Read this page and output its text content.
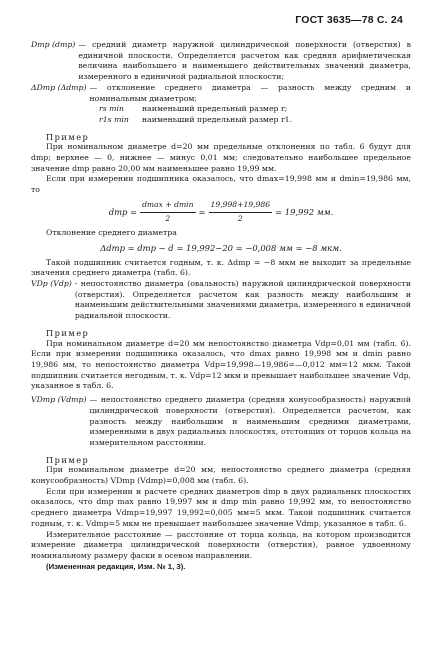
ГОСТ 3635—78 С. 24
Dmp (dmp) — средний диаметр наружной цилиндрической поверхности (отверстия) в единичной плоскости. Определяется расчетом как средняя арифметическая величина наибольшего и наименьшего действительных значений диаметра, измеренного в единичной радиальной плоскости;
ΔDmp (Δdmp) — отклонение среднего диаметра — разность между средним и номинальным диаметром;
rs min	наименьший предельный размер r;
r1s min	наименьший предельный размер r1.

Пример

При номинальном диаметре d=20 мм предельные отклонения по табл. 6 будут для dmp; верхнее — 0, нижнее — минус 0,01 мм; следовательно наибольшее предельное значение dmp равно 20,00 мм наименьшее равно 19,99 мм.

Если при измерении подшипника оказалось, что dmax=19,998 мм и dmin=19,986 мм, то

dmp = $\frac{dmax + dmin}{2} = \frac{19,998+19,986}{2} = 19,992$ мм.

Отклонение среднего диаметра

Δdmp = dmp − d = 19,992−20 = −0,008 мм = −8 мкм.

Такой подшипник считается годным, т. к. Δdmp = −8 мкм не выходит за предельные значения среднего диаметра (табл. 6).

VDp (Vdp) - непостоянство диаметра (овальность) наружной цилиндрической поверхности (отверстия). Определяется расчетом как разность между наибольшим и наименьшим действительными значениями диаметра, измеренного в единичной радиальной плоскости.

Пример

При номинальном диаметре d=20 мм непостоянство диаметра Vdp=0,01 мм (табл. 6). Если при измерении подшипника оказалось, что dmax равно 19,998 мм и dmin равно 19,986 мм, то непостоянство диаметра Vdp=19,998—19,986=—0,012 мм=12 мкм. Такой подшипник считается негодным, т. к. Vdp=12 мкм и превышает наибольшее значение Vdp, указанное в табл. 6.

VDmp (Vdmp) — непостоянство среднего диаметра (средняя конусообразность) наружной цилиндрической поверхности (отверстия). Определяется расчетом, как разность между наибольшим и наименьшим средними диаметрами, измеренными в двух радиальных плоскостях, отстоящих от торцов кольца на измерительном расстоянии.

Пример

При номинальном диаметре d=20 мм, непостоянство среднего диаметра (средняя конусообразность) VDmp (Vdmp)=0,008 мм (табл. 6).

Если при измерении и расчете средних диаметров dmp в двух радиальных плоскостях оказалось, что dmp max равно 19,997 мм и dmp min равно 19,992 мм, то непостоянство среднего диаметра Vdmp=19,997 19,992=0,005 мм=5 мкм. Такой подшипник считается годным, т. к. Vdmp=5 мкм не превышает наибольшее значение Vdmp, указанное в табл. 6.

Измерительное расстояние — расстояние от торца кольца, на котором производится измерение диаметра цилиндрической поверхности (отверстия), равное удвоенному номинальному размеру фаски в осевом направлении.

(Измененная редакция, Изм. № 1, 3).
